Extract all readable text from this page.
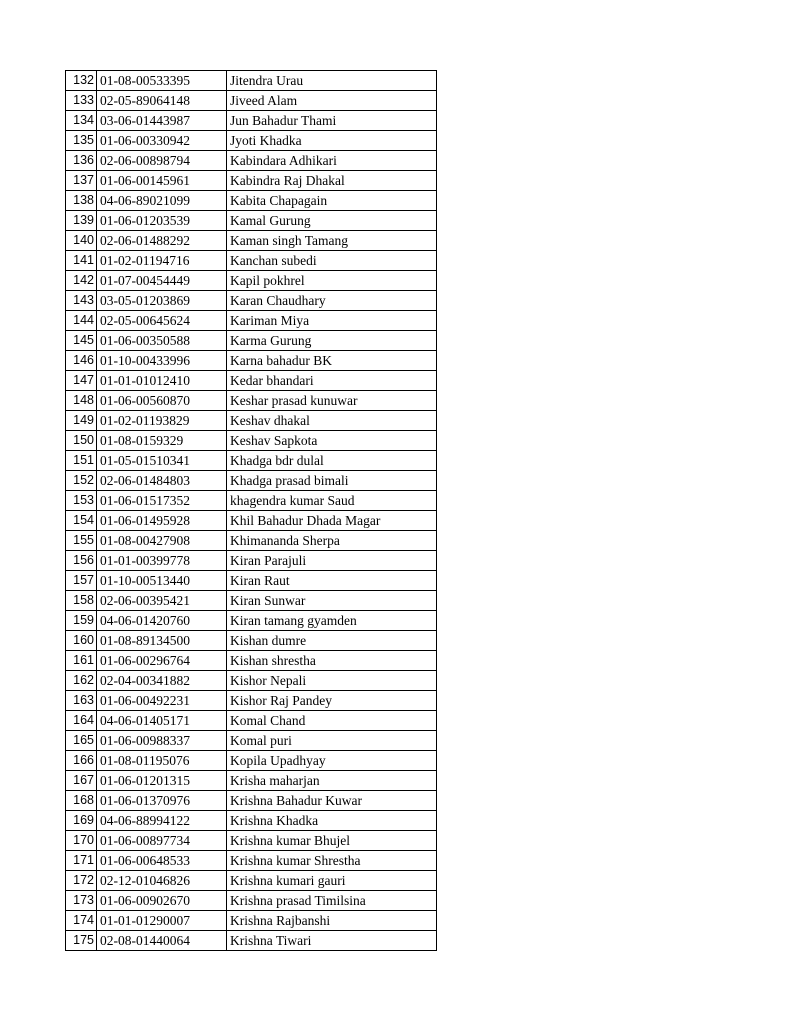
132	01-08-00533395	Jitendra Urau
133	02-05-89064148	Jiveed Alam
134	03-06-01443987	Jun Bahadur Thami
135	01-06-00330942	Jyoti Khadka
136	02-06-00898794	Kabindara Adhikari
137	01-06-00145961	Kabindra Raj Dhakal
138	04-06-89021099	Kabita Chapagain
139	01-06-01203539	Kamal Gurung
140	02-06-01488292	Kaman singh Tamang
141	01-02-01194716	Kanchan subedi
142	01-07-00454449	Kapil pokhrel
143	03-05-01203869	Karan Chaudhary
144	02-05-00645624	Kariman Miya
145	01-06-00350588	Karma Gurung
146	01-10-00433996	Karna bahadur BK
147	01-01-01012410	Kedar bhandari
148	01-06-00560870	Keshar prasad kunuwar
149	01-02-01193829	Keshav dhakal
150	01-08-0159329	Keshav Sapkota
151	01-05-01510341	Khadga bdr dulal
152	02-06-01484803	Khadga prasad bimali
153	01-06-01517352	khagendra kumar Saud
154	01-06-01495928	Khil Bahadur Dhada Magar
155	01-08-00427908	Khimananda Sherpa
156	01-01-00399778	Kiran Parajuli
157	01-10-00513440	Kiran Raut
158	02-06-00395421	Kiran Sunwar
159	04-06-01420760	Kiran tamang gyamden
160	01-08-89134500	Kishan dumre
161	01-06-00296764	Kishan shrestha
162	02-04-00341882	Kishor Nepali
163	01-06-00492231	Kishor Raj Pandey
164	04-06-01405171	Komal Chand
165	01-06-00988337	Komal puri
166	01-08-01195076	Kopila Upadhyay
167	01-06-01201315	Krisha maharjan
168	01-06-01370976	Krishna Bahadur Kuwar
169	04-06-88994122	Krishna Khadka
170	01-06-00897734	Krishna kumar Bhujel
171	01-06-00648533	Krishna kumar Shrestha
172	02-12-01046826	Krishna kumari gauri
173	01-06-00902670	Krishna prasad Timilsina
174	01-01-01290007	Krishna Rajbanshi
175	02-08-01440064	Krishna Tiwari
